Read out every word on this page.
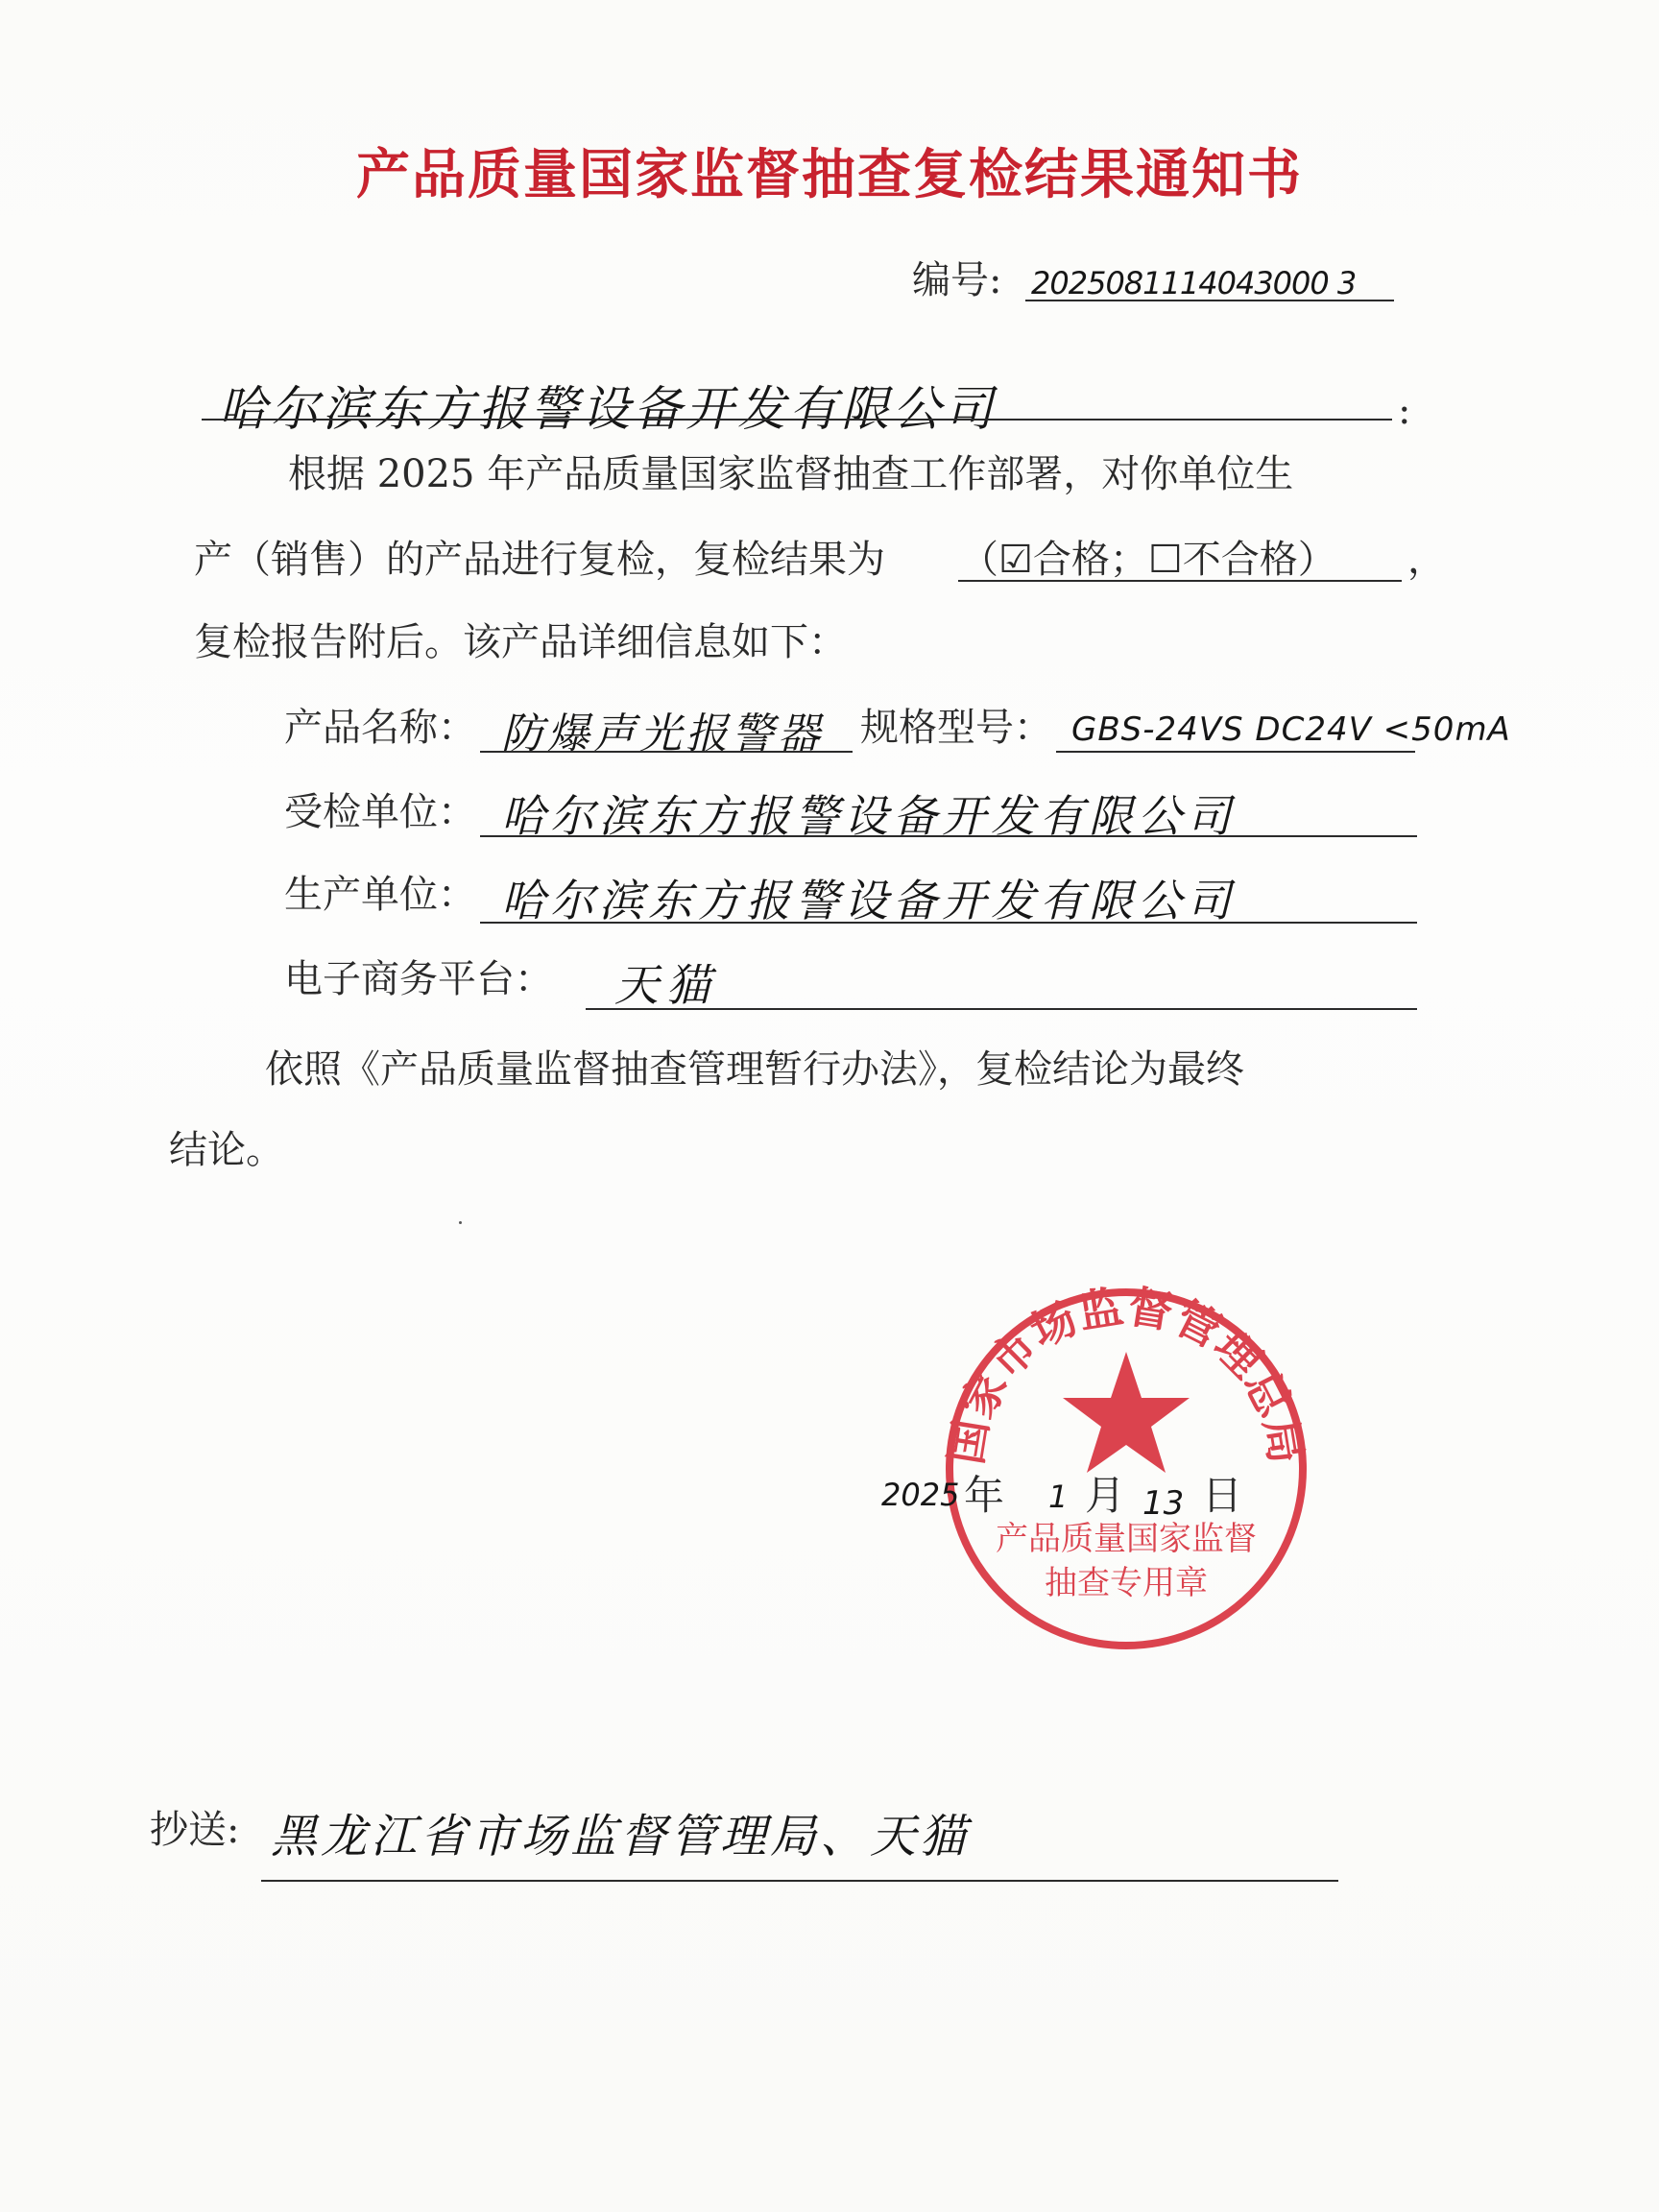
产品质量国家监督抽查复检结果通知书
编号: 2025081114043000 3
哈尔滨东方报警设备开发有限公司	:
根据 2025 年产品质量国家监督抽查工作部署，对你单位生
产（销售）的产品进行复检，复检结果为 （☑合格；☐不合格） ，
复检报告附后。该产品详细信息如下：
产品名称： 防爆声光报警器 规格型号： GBS-24VS DC24V <50mA
受检单位： 哈尔滨东方报警设备开发有限公司
生产单位： 哈尔滨东方报警设备开发有限公司
电子商务平台： 天猫
依照《产品质量监督抽查管理暂行办法》，复检结论为最终
结论。
国家市场监督管理总局
产品质量国家监督
抽查专用章
2025 年 1 月 13 日
抄送: 黑龙江省市场监督管理局、天猫
